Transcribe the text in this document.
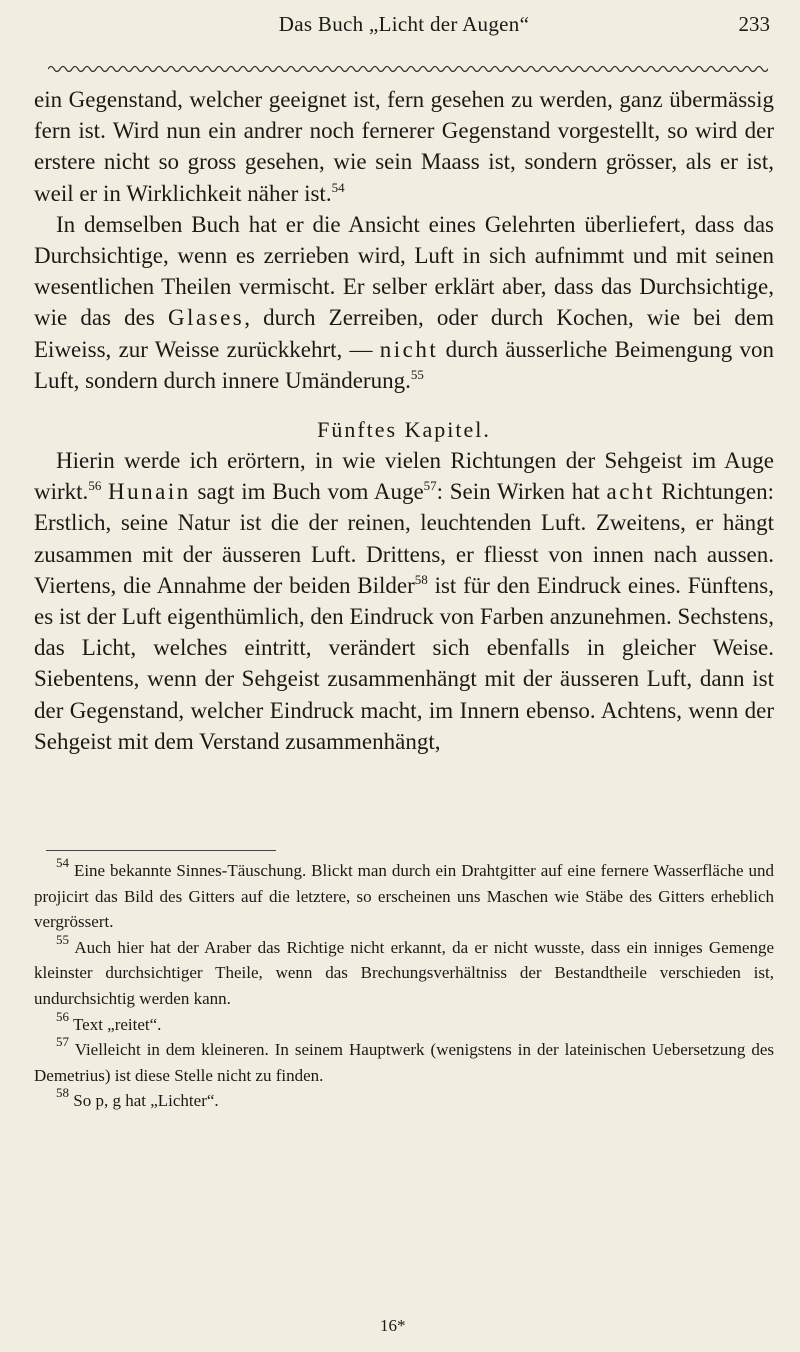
Das Buch „Licht der Augen“	233

ein Gegenstand, welcher geeignet ist, fern gesehen zu werden, ganz übermässig fern ist. Wird nun ein andrer noch fernerer Gegenstand vorgestellt, so wird der erstere nicht so gross gesehen, wie sein Maass ist, sondern grösser, als er ist, weil er in Wirklichkeit näher ist.$^{54}$

In demselben Buch hat er die Ansicht eines Gelehrten überliefert, dass das Durchsichtige, wenn es zerrieben wird, Luft in sich aufnimmt und mit seinen wesentlichen Theilen vermischt. Er selber erklärt aber, dass das Durchsichtige, wie das des Glases, durch Zerreiben, oder durch Kochen, wie bei dem Eiweiss, zur Weisse zurückkehrt, — nicht durch äusserliche Beimengung von Luft, sondern durch innere Umänderung.$^{55}$

Fünftes Kapitel.

Hierin werde ich erörtern, in wie vielen Richtungen der Sehgeist im Auge wirkt.$^{56}$ Hunain sagt im Buch vom Auge$^{57}$: Sein Wirken hat acht Richtungen: Erstlich, seine Natur ist die der reinen, leuchtenden Luft. Zweitens, er hängt zusammen mit der äusseren Luft. Drittens, er fliesst von innen nach aussen. Viertens, die Annahme der beiden Bilder$^{58}$ ist für den Eindruck eines. Fünftens, es ist der Luft eigenthümlich, den Eindruck von Farben anzunehmen. Sechstens, das Licht, welches eintritt, verändert sich ebenfalls in gleicher Weise. Siebentens, wenn der Sehgeist zusammenhängt mit der äusseren Luft, dann ist der Gegenstand, welcher Eindruck macht, im Innern ebenso. Achtens, wenn der Sehgeist mit dem Verstand zusammenhängt,

$^{54}$ Eine bekannte Sinnes-Täuschung. Blickt man durch ein Drahtgitter auf eine fernere Wasserfläche und projicirt das Bild des Gitters auf die letztere, so erscheinen uns Maschen wie Stäbe des Gitters erheblich vergrössert.

$^{55}$ Auch hier hat der Araber das Richtige nicht erkannt, da er nicht wusste, dass ein inniges Gemenge kleinster durchsichtiger Theile, wenn das Brechungsverhältniss der Bestandtheile verschieden ist, undurchsichtig werden kann.

$^{56}$ Text „reitet“.

$^{57}$ Vielleicht in dem kleineren. In seinem Hauptwerk (wenigstens in der lateinischen Uebersetzung des Demetrius) ist diese Stelle nicht zu finden.

$^{58}$ So p, g hat „Lichter“.

16*
